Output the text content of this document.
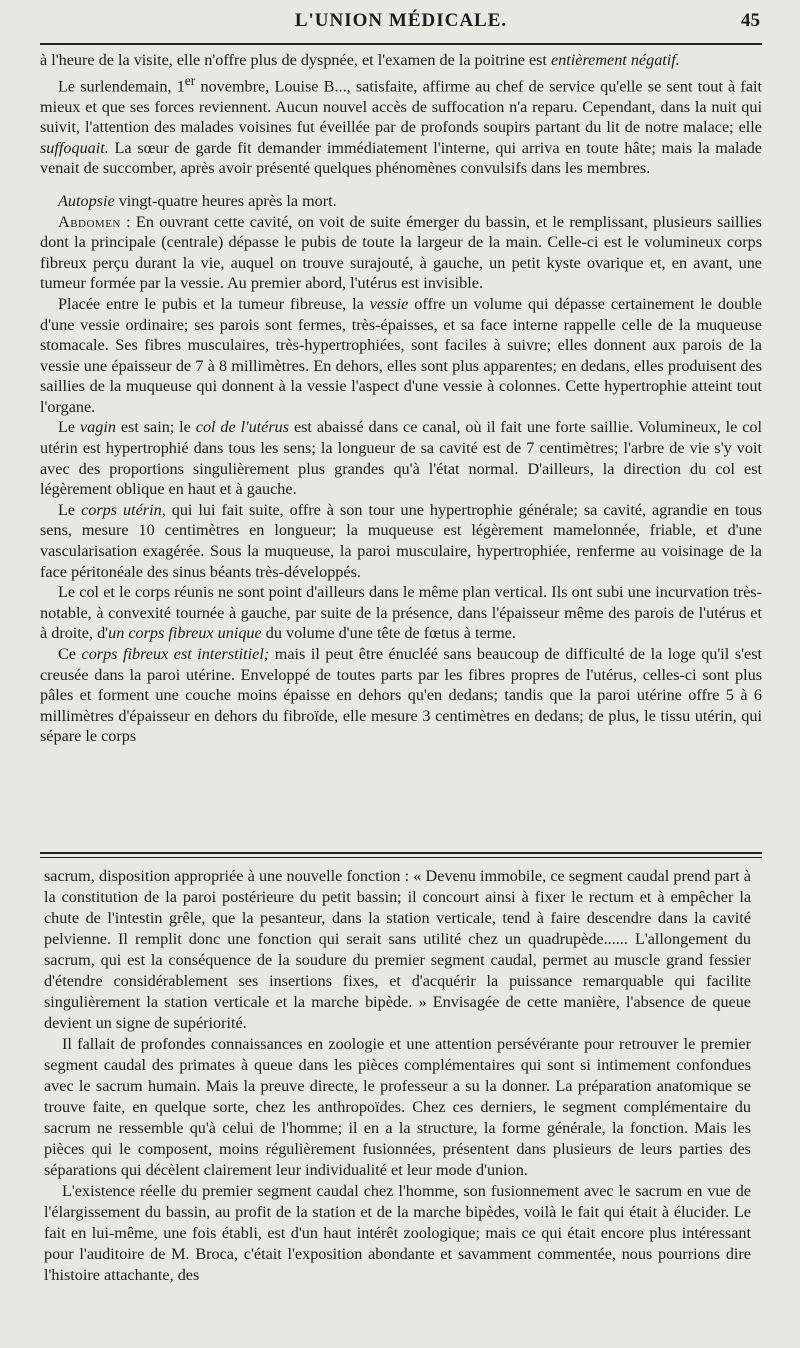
L'UNION MÉDICALE.	45

à l'heure de la visite, elle n'offre plus de dyspnée, et l'examen de la poitrine est entièrement négatif.

Le surlendemain, 1er novembre, Louise B..., satisfaite, affirme au chef de service qu'elle se sent tout à fait mieux et que ses forces reviennent. Aucun nouvel accès de suffocation n'a reparu. Cependant, dans la nuit qui suivit, l'attention des malades voisines fut éveillée par de profonds soupirs partant du lit de notre malace; elle suffoquait. La sœur de garde fit demander immédiatement l'interne, qui arriva en toute hâte; mais la malade venait de succomber, après avoir présenté quelques phénomènes convulsifs dans les membres.

Autopsie vingt-quatre heures après la mort.

Abdomen : En ouvrant cette cavité, on voit de suite émerger du bassin, et le remplissant, plusieurs saillies dont la principale (centrale) dépasse le pubis de toute la largeur de la main. Celle-ci est le volumineux corps fibreux perçu durant la vie, auquel on trouve surajouté, à gauche, un petit kyste ovarique et, en avant, une tumeur formée par la vessie. Au premier abord, l'utérus est invisible.

Placée entre le pubis et la tumeur fibreuse, la vessie offre un volume qui dépasse certainement le double d'une vessie ordinaire; ses parois sont fermes, très-épaisses, et sa face interne rappelle celle de la muqueuse stomacale. Ses fibres musculaires, très-hypertrophiées, sont faciles à suivre; elles donnent aux parois de la vessie une épaisseur de 7 à 8 millimètres. En dehors, elles sont plus apparentes; en dedans, elles produisent des saillies de la muqueuse qui donnent à la vessie l'aspect d'une vessie à colonnes. Cette hypertrophie atteint tout l'organe.

Le vagin est sain; le col de l'utérus est abaissé dans ce canal, où il fait une forte saillie. Volumineux, le col utérin est hypertrophié dans tous les sens; la longueur de sa cavité est de 7 centimètres; l'arbre de vie s'y voit avec des proportions singulièrement plus grandes qu'à l'état normal. D'ailleurs, la direction du col est légèrement oblique en haut et à gauche.

Le corps utérin, qui lui fait suite, offre à son tour une hypertrophie générale; sa cavité, agrandie en tous sens, mesure 10 centimètres en longueur; la muqueuse est légèrement mamelonnée, friable, et d'une vascularisation exagérée. Sous la muqueuse, la paroi musculaire, hypertrophiée, renferme au voisinage de la face péritonéale des sinus béants très-développés.

Le col et le corps réunis ne sont point d'ailleurs dans le même plan vertical. Ils ont subi une incurvation très-notable, à convexité tournée à gauche, par suite de la présence, dans l'épaisseur même des parois de l'utérus et à droite, d'un corps fibreux unique du volume d'une tête de fœtus à terme.

Ce corps fibreux est interstitiel; mais il peut être énucléé sans beaucoup de difficulté de la loge qu'il s'est creusée dans la paroi utérine. Enveloppé de toutes parts par les fibres propres de l'utérus, celles-ci sont plus pâles et forment une couche moins épaisse en dehors qu'en dedans; tandis que la paroi utérine offre 5 à 6 millimètres d'épaisseur en dehors du fibroïde, elle mesure 3 centimètres en dedans; de plus, le tissu utérin, qui sépare le corps

sacrum, disposition appropriée à une nouvelle fonction : « Devenu immobile, ce segment caudal prend part à la constitution de la paroi postérieure du petit bassin; il concourt ainsi à fixer le rectum et à empêcher la chute de l'intestin grêle, que la pesanteur, dans la station verticale, tend à faire descendre dans la cavité pelvienne. Il remplit donc une fonction qui serait sans utilité chez un quadrupède...... L'allongement du sacrum, qui est la conséquence de la soudure du premier segment caudal, permet au muscle grand fessier d'étendre considérablement ses insertions fixes, et d'acquérir la puissance remarquable qui facilite singulièrement la station verticale et la marche bipède. » Envisagée de cette manière, l'absence de queue devient un signe de supériorité.

Il fallait de profondes connaissances en zoologie et une attention persévérante pour retrouver le premier segment caudal des primates à queue dans les pièces complémentaires qui sont si intimement confondues avec le sacrum humain. Mais la preuve directe, le professeur a su la donner. La préparation anatomique se trouve faite, en quelque sorte, chez les anthropoïdes. Chez ces derniers, le segment complémentaire du sacrum ne ressemble qu'à celui de l'homme; il en a la structure, la forme générale, la fonction. Mais les pièces qui le composent, moins régulièrement fusionnées, présentent dans plusieurs de leurs parties des séparations qui décèlent clairement leur individualité et leur mode d'union.

L'existence réelle du premier segment caudal chez l'homme, son fusionnement avec le sacrum en vue de l'élargissement du bassin, au profit de la station et de la marche bipèdes, voilà le fait qui était à élucider. Le fait en lui-même, une fois établi, est d'un haut intérêt zoologique; mais ce qui était encore plus intéressant pour l'auditoire de M. Broca, c'était l'exposition abondante et savamment commentée, nous pourrions dire l'histoire attachante, des
